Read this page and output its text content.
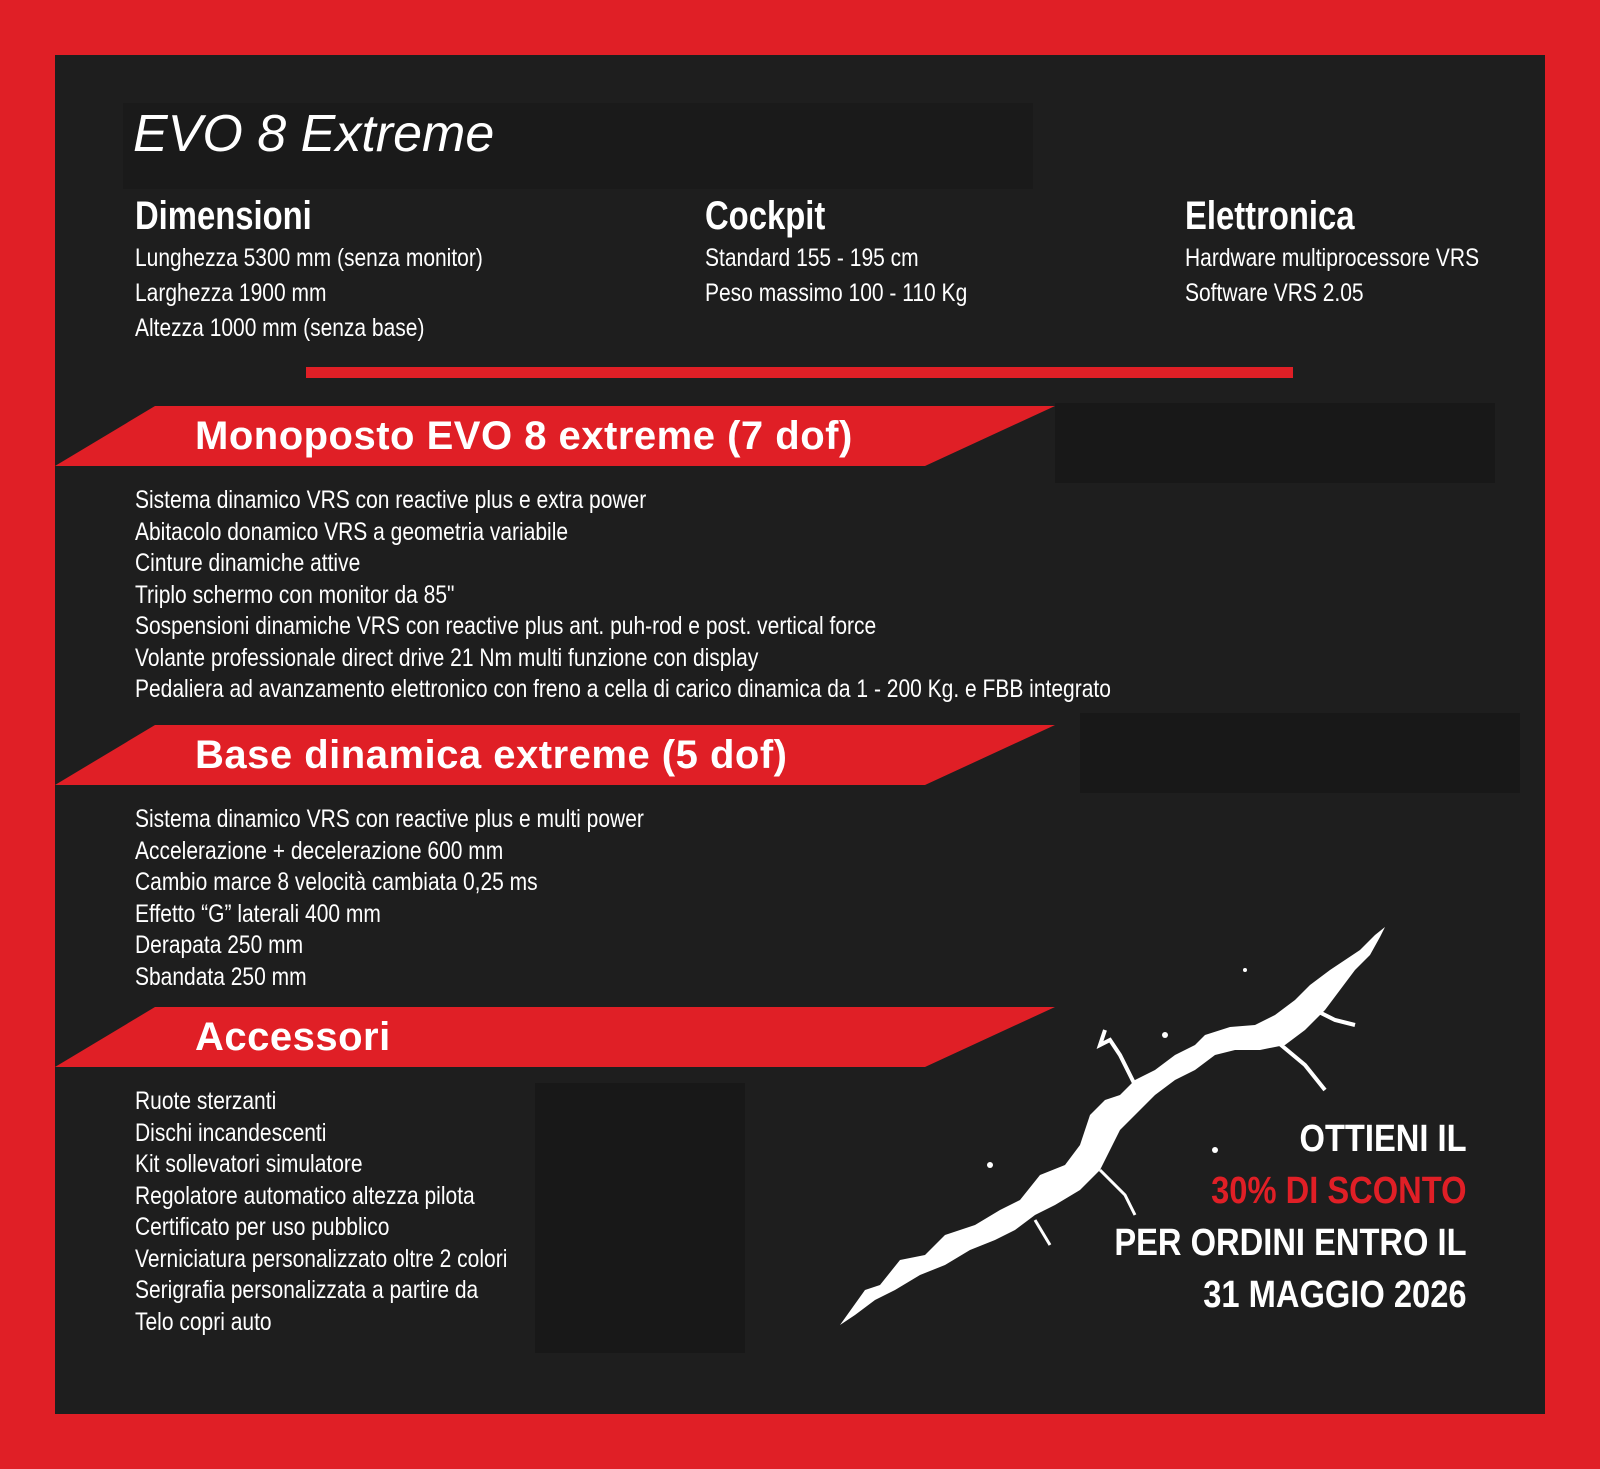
EVO 8 Extreme
Dimensioni
Lunghezza 5300 mm (senza monitor)
Larghezza 1900 mm
Altezza 1000 mm (senza base)
Cockpit
Standard 155 - 195 cm
Peso massimo 100 - 110 Kg
Elettronica
Hardware multiprocessore VRS
Software VRS 2.05
Monoposto EVO 8 extreme (7 dof)
Sistema dinamico VRS con reactive plus e extra power
Abitacolo donamico VRS a geometria variabile
Cinture dinamiche attive
Triplo schermo con monitor da 85"
Sospensioni dinamiche VRS con reactive plus ant. puh-rod e post. vertical force
Volante professionale direct drive 21 Nm multi funzione con display
Pedaliera ad avanzamento elettronico con freno a cella di carico dinamica da 1 - 200 Kg. e FBB integrato
Base dinamica extreme (5 dof)
Sistema dinamico VRS con reactive plus e multi power
Accelerazione + decelerazione 600 mm
Cambio marce 8 velocità cambiata 0,25 ms
Effetto “G” laterali 400 mm
Derapata 250 mm
Sbandata 250 mm
Accessori
Ruote sterzanti
Dischi incandescenti
Kit sollevatori simulatore
Regolatore automatico altezza pilota
Certificato per uso pubblico
Verniciatura personalizzato oltre 2 colori
Serigrafia personalizzata a partire da
Telo copri auto
OTTIENI IL
30% DI SCONTO
PER ORDINI ENTRO IL
31 MAGGIO 2026
